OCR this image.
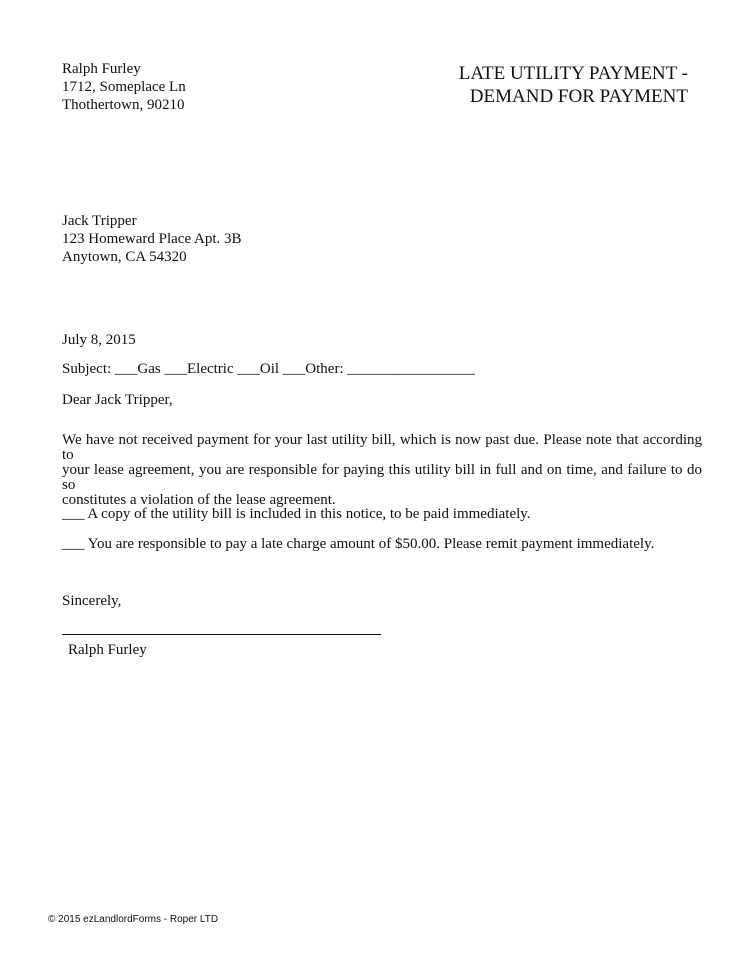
Ralph Furley
1712, Someplace Ln
Thothertown, 90210
LATE UTILITY PAYMENT -
DEMAND FOR PAYMENT
Jack Tripper
123 Homeward Place Apt. 3B
Anytown, CA 54320
July 8, 2015
Subject: ___Gas ___Electric ___Oil ___Other: _________________
Dear Jack Tripper,
We have not received payment for your last utility bill, which is now past due. Please note that according to
your lease agreement, you are responsible for paying this utility bill in full and on time, and failure to do so
constitutes a violation of the lease agreement.
___ A copy of the utility bill is included in this notice, to be paid immediately.
___ You are responsible to pay a late charge amount of $50.00. Please remit payment immediately.
Sincerely,
Ralph Furley
© 2015 ezLandlordForms - Roper LTD
